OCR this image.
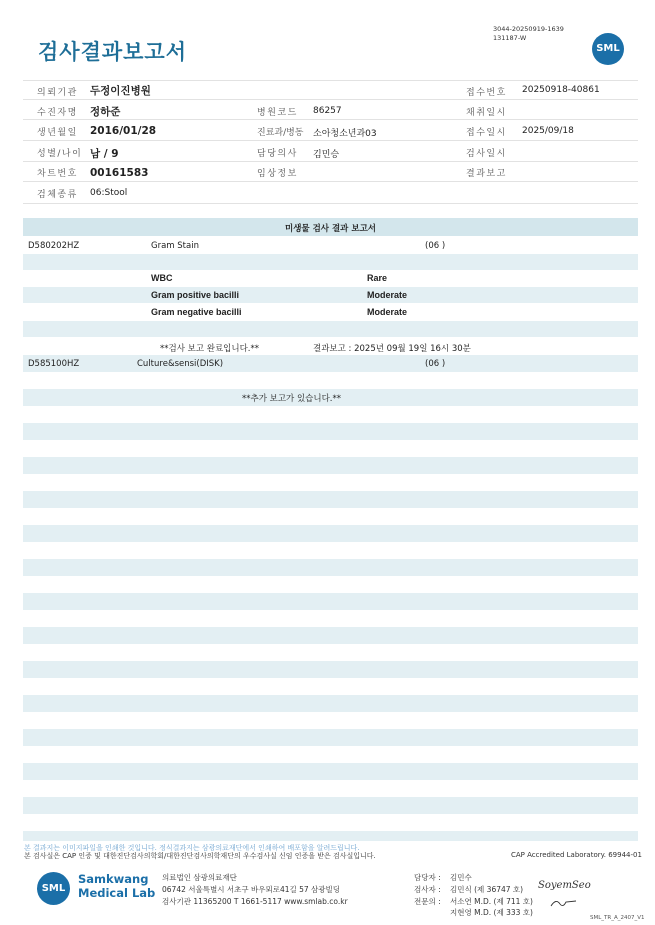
검사결과보고서
3044-20250919-1639
131187-W
SML
의뢰기관 두정이진병원	접수번호 20250918-40861
수진자명 정하준	병원코드 86257	채취일시
생년월일 2016/01/28	진료과/병동 소아청소년과03	접수일시 2025/09/18
성별/나이 남 / 9	담당의사 김민승	검사일시
차트번호 00161583	임상정보	결과보고
검체종류 06:Stool
미생물 검사 결과 보고서
D580202HZ	Gram Stain	(06 )
WBC	Rare
Gram positive bacilli	Moderate
Gram negative bacilli	Moderate
**검사 보고 완료입니다.**	결과보고 : 2025년 09월 19일 16시 30분
D585100HZ	Culture&sensi(DISK)	(06 )
**추가 보고가 있습니다.**
본 결과지는 이미지파일을 인쇄한 것입니다. 정식결과지는 삼광의료재단에서 인쇄하여 배포함을 알려드립니다.
본 검사실은 CAP 인증 및 대한진단검사의학회/대한진단검사의학재단의 우수검사실 신임 인증을 받은 검사실입니다.	CAP Accredited Laboratory. 69944-01
SML
Samkwang
Medical Lab
의료법인 삼광의료재단
06742 서울특별시 서초구 바우뫼로41길 57 삼광빌딩
검사기관 11365200 T 1661-5117 www.smlab.co.kr
담당자 : 김민수
검사자 : 김민식 (제 36747 호)
전문의 : 서소연 M.D. (제 711 호)
지현영 M.D. (제 333 호)
SoyemSeo
SML_TR_A_2407_V1
